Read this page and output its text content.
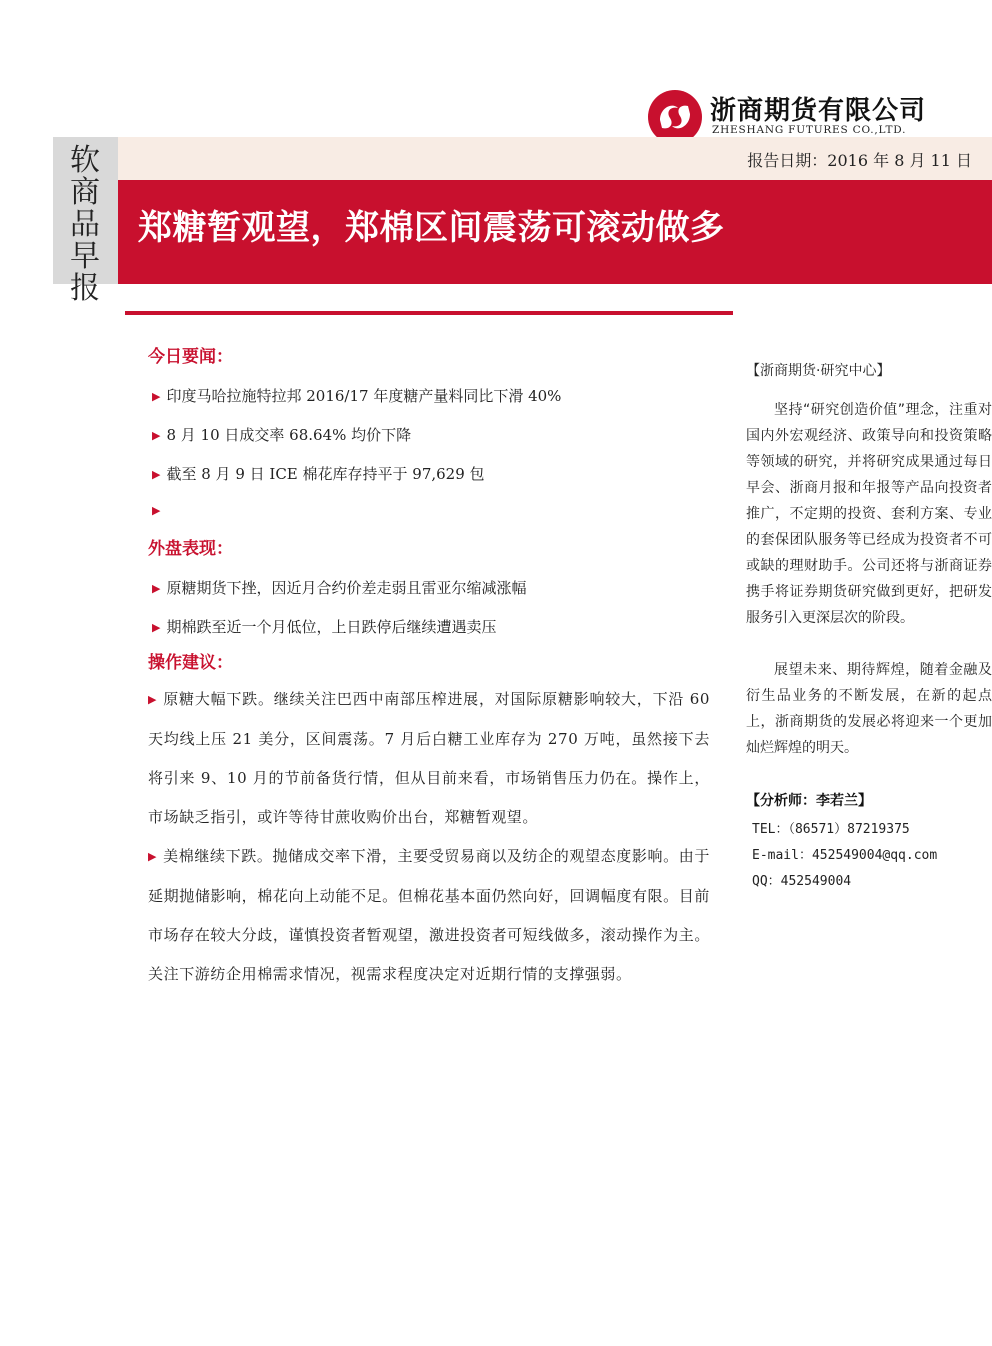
浙商期货有限公司
ZHESHANG FUTURES CO.,LTD.
软商品早报
报告日期：2016 年 8 月 11 日
郑糖暂观望，郑棉区间震荡可滚动做多
今日要闻：
▶ 印度马哈拉施特拉邦 2016/17 年度糖产量料同比下滑 40%
▶ 8 月 10 日成交率 68.64% 均价下降
▶ 截至 8 月 9 日 ICE 棉花库存持平于 97,629 包
▶
外盘表现：
▶ 原糖期货下挫，因近月合约价差走弱且雷亚尔缩减涨幅
▶ 期棉跌至近一个月低位，上日跌停后继续遭遇卖压
操作建议：
▶ 原糖大幅下跌。继续关注巴西中南部压榨进展，对国际原糖影响较大，下沿 60 天均线上压 21 美分，区间震荡。7 月后白糖工业库存为 270 万吨，虽然接下去将引来 9、10 月的节前备货行情，但从目前来看，市场销售压力仍在。操作上，市场缺乏指引，或许等待甘蔗收购价出台，郑糖暂观望。
▶ 美棉继续下跌。抛储成交率下滑，主要受贸易商以及纺企的观望态度影响。由于延期抛储影响，棉花向上动能不足。但棉花基本面仍然向好，回调幅度有限。目前市场存在较大分歧，谨慎投资者暂观望，激进投资者可短线做多，滚动操作为主。关注下游纺企用棉需求情况，视需求程度决定对近期行情的支撑强弱。
【浙商期货·研究中心】
坚持“研究创造价值”理念，注重对国内外宏观经济、政策导向和投资策略等领域的研究，并将研究成果通过每日早会、浙商月报和年报等产品向投资者推广，不定期的投资、套利方案、专业的套保团队服务等已经成为投资者不可或缺的理财助手。公司还将与浙商证券携手将证券期货研究做到更好，把研发服务引入更深层次的阶段。
展望未来、期待辉煌，随着金融及衍生品业务的不断发展，在新的起点上，浙商期货的发展必将迎来一个更加灿烂辉煌的明天。
【分析师：李若兰】
TEL：（86571）87219375
E-mail：452549004@qq.com
QQ：452549004
